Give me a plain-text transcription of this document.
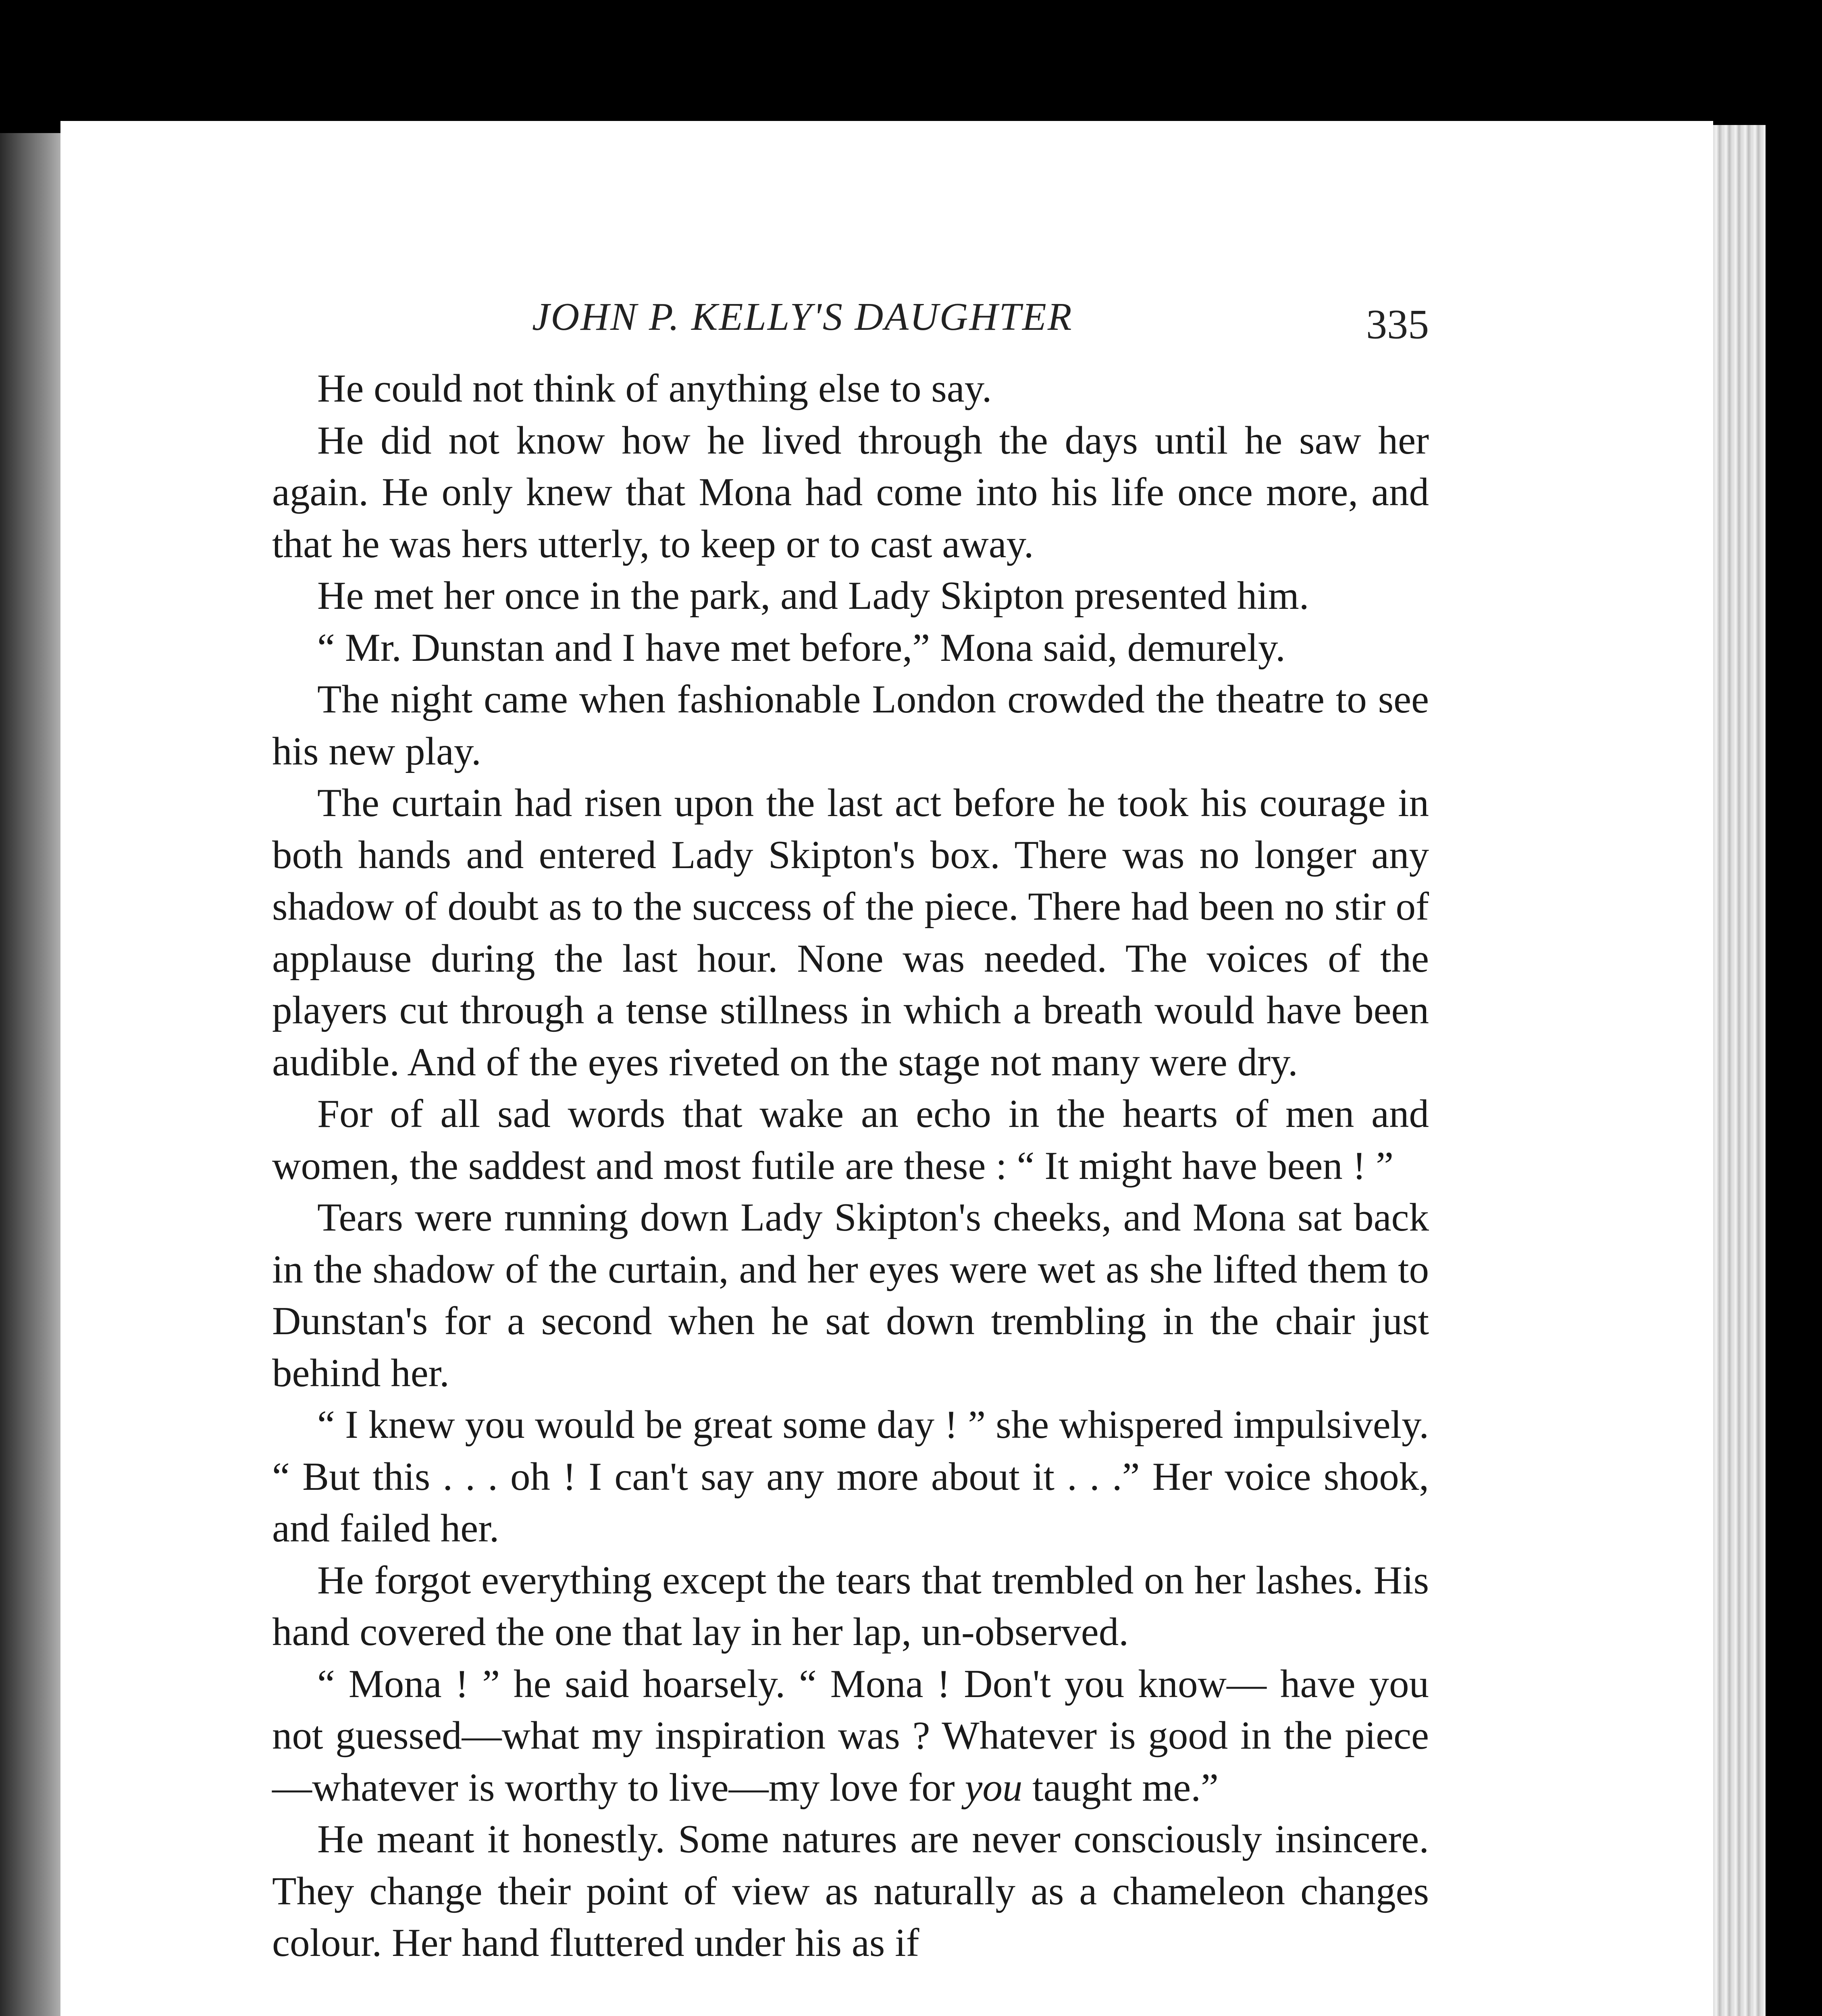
JOHN P. KELLY'S DAUGHTER	335

He could not think of anything else to say.

He did not know how he lived through the days until he saw her again. He only knew that Mona had come into his life once more, and that he was hers utterly, to keep or to cast away.

He met her once in the park, and Lady Skipton presented him.

“ Mr. Dunstan and I have met before,” Mona said, demurely.

The night came when fashionable London crowded the theatre to see his new play.

The curtain had risen upon the last act before he took his courage in both hands and entered Lady Skipton's box. There was no longer any shadow of doubt as to the success of the piece. There had been no stir of applause during the last hour. None was needed. The voices of the players cut through a tense stillness in which a breath would have been audible. And of the eyes riveted on the stage not many were dry.

For of all sad words that wake an echo in the hearts of men and women, the saddest and most futile are these : “ It might have been ! ”

Tears were running down Lady Skipton's cheeks, and Mona sat back in the shadow of the curtain, and her eyes were wet as she lifted them to Dunstan's for a second when he sat down trembling in the chair just behind her.

“ I knew you would be great some day ! ” she whispered impulsively. “ But this . . . oh ! I can't say any more about it . . .” Her voice shook, and failed her.

He forgot everything except the tears that trembled on her lashes. His hand covered the one that lay in her lap, un-observed.

“ Mona ! ” he said hoarsely. “ Mona ! Don't you know— have you not guessed—what my inspiration was ? Whatever is good in the piece—whatever is worthy to live—my love for you taught me.”

He meant it honestly. Some natures are never consciously insincere. They change their point of view as naturally as a chameleon changes colour. Her hand fluttered under his as if
